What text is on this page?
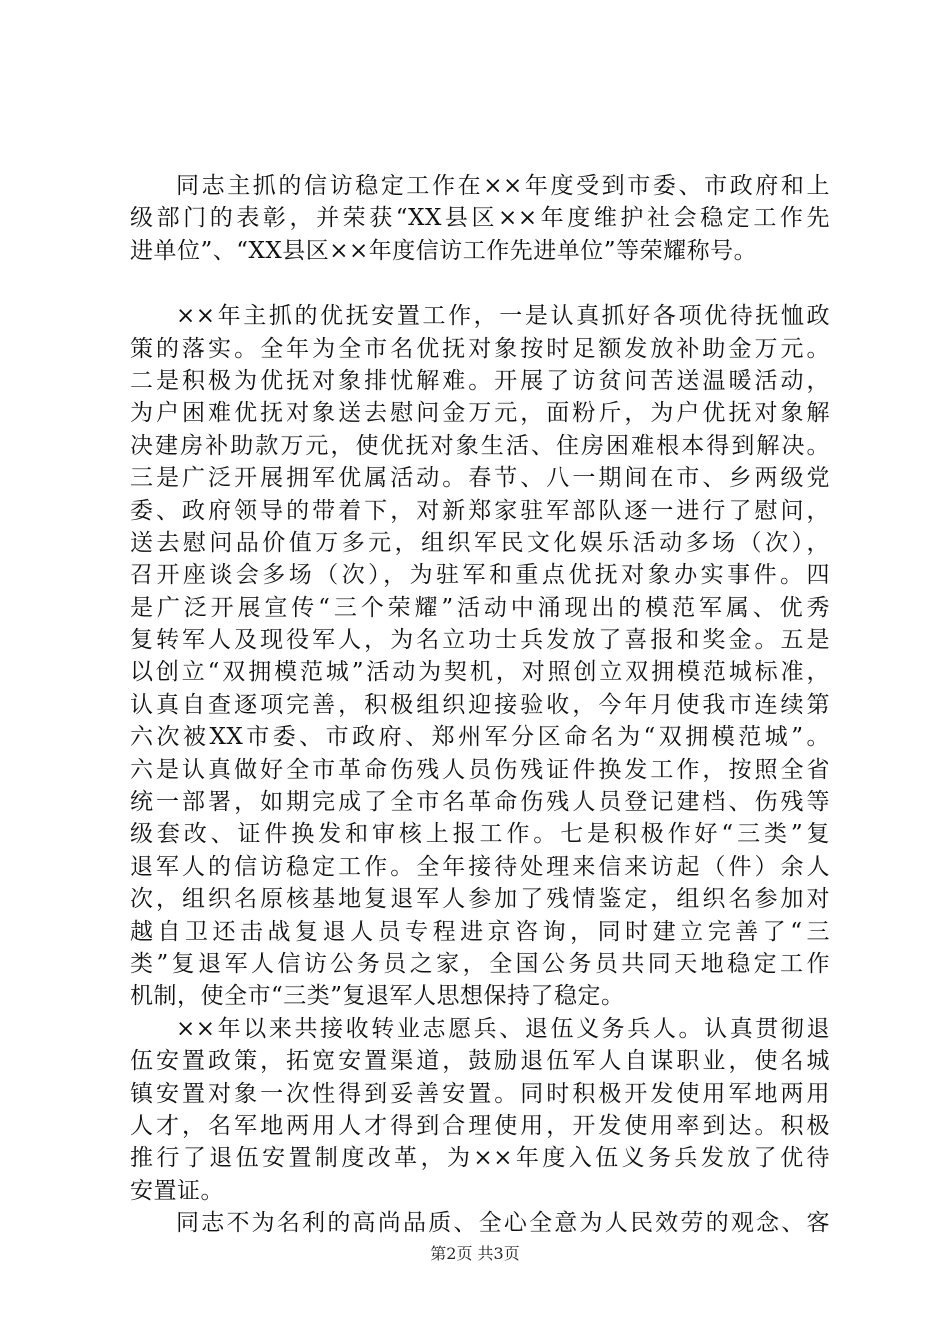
同志主抓的信访稳定工作在××年度受到市委、市政府和上
级部门的表彰，并荣获“XX县区××年度维护社会稳定工作先
进单位”、“XX县区××年度信访工作先进单位”等荣耀称号。
××年主抓的优抚安置工作，一是认真抓好各项优待抚恤政
策的落实。全年为全市名优抚对象按时足额发放补助金万元。
二是积极为优抚对象排忧解难。开展了访贫问苦送温暖活动，
为户困难优抚对象送去慰问金万元，面粉斤，为户优抚对象解
决建房补助款万元，使优抚对象生活、住房困难根本得到解决。
三是广泛开展拥军优属活动。春节、八一期间在市、乡两级党
委、政府领导的带着下，对新郑家驻军部队逐一进行了慰问，
送去慰问品价值万多元，组织军民文化娱乐活动多场（次），
召开座谈会多场（次），为驻军和重点优抚对象办实事件。四
是广泛开展宣传“三个荣耀”活动中涌现出的模范军属、优秀
复转军人及现役军人，为名立功士兵发放了喜报和奖金。五是
以创立“双拥模范城”活动为契机，对照创立双拥模范城标准，
认真自查逐项完善，积极组织迎接验收，今年月使我市连续第
六次被XX市委、市政府、郑州军分区命名为“双拥模范城”。
六是认真做好全市革命伤残人员伤残证件换发工作，按照全省
统一部署，如期完成了全市名革命伤残人员登记建档、伤残等
级套改、证件换发和审核上报工作。七是积极作好“三类”复
退军人的信访稳定工作。全年接待处理来信来访起（件）余人
次，组织名原核基地复退军人参加了残情鉴定，组织名参加对
越自卫还击战复退人员专程进京咨询，同时建立完善了“三
类”复退军人信访公务员之家，全国公务员共同天地稳定工作
机制，使全市“三类”复退军人思想保持了稳定。
××年以来共接收转业志愿兵、退伍义务兵人。认真贯彻退
伍安置政策，拓宽安置渠道，鼓励退伍军人自谋职业，使名城
镇安置对象一次性得到妥善安置。同时积极开发使用军地两用
人才，名军地两用人才得到合理使用，开发使用率到达。积极
推行了退伍安置制度改革，为××年度入伍义务兵发放了优待
安置证。
同志不为名利的高尚品质、全心全意为人民效劳的观念、客
第2页 共3页
